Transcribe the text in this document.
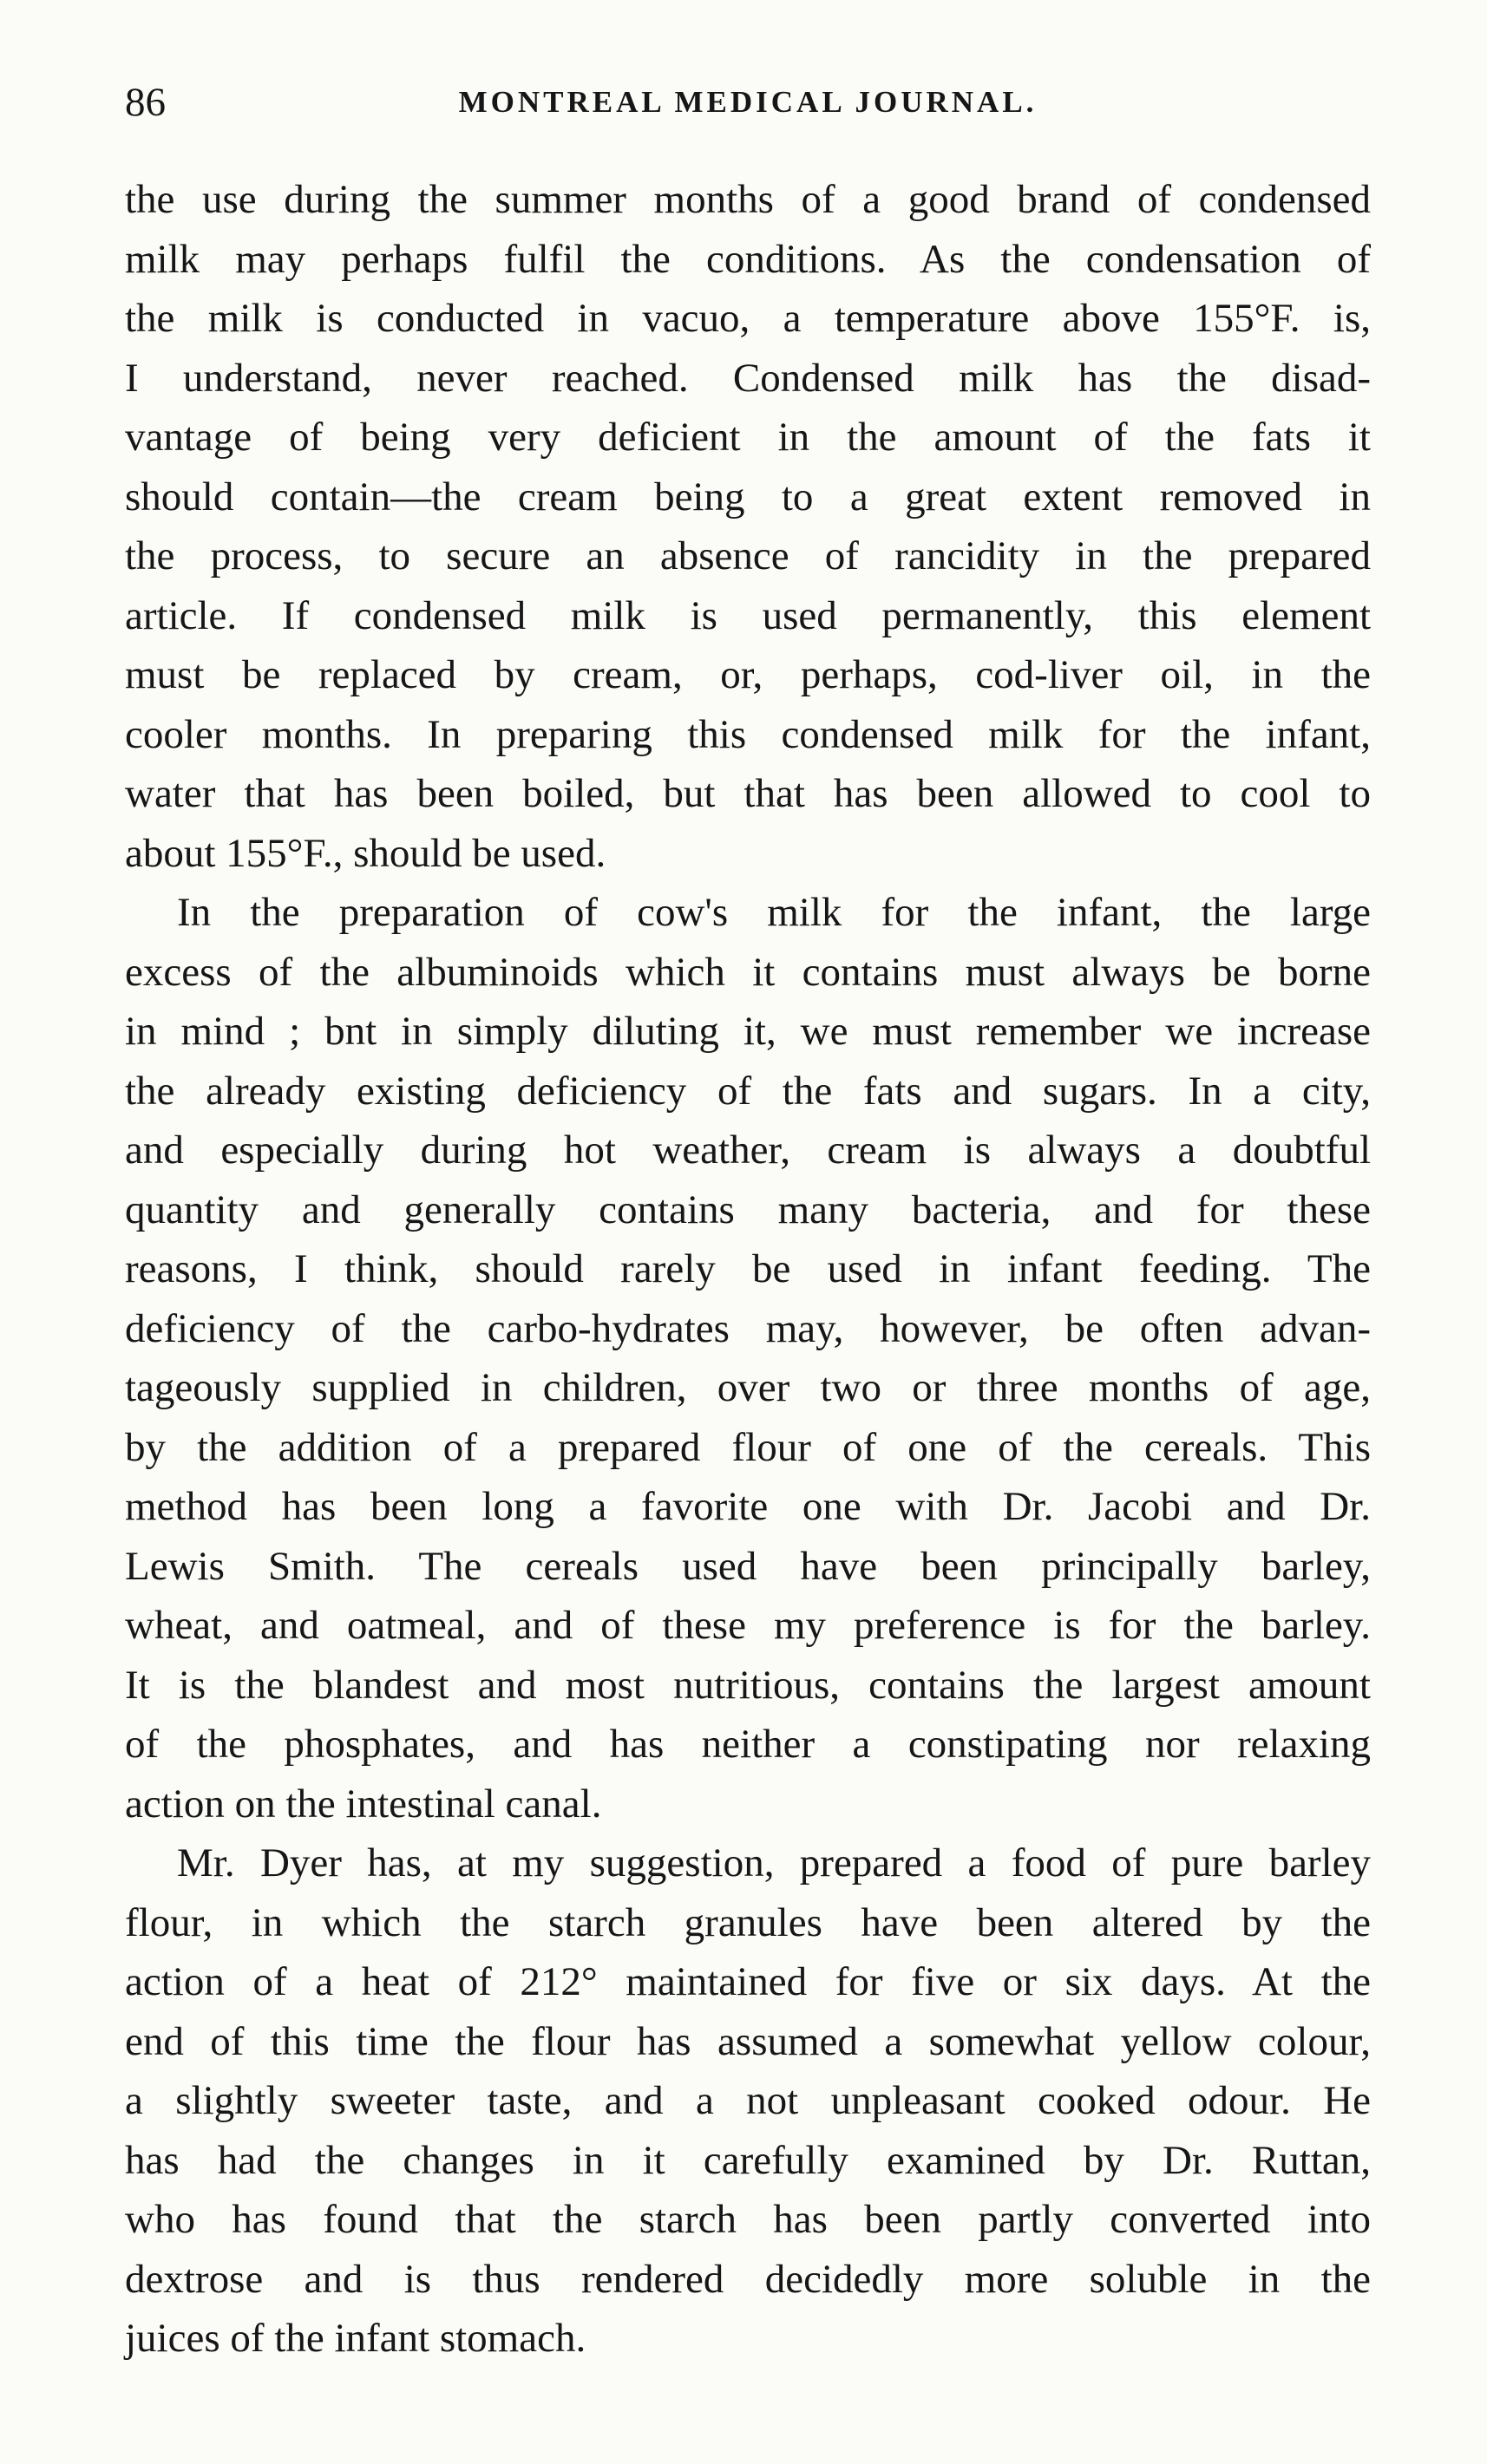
86	MONTREAL MEDICAL JOURNAL.
the use during the summer months of a good brand of condensed
milk may perhaps fulfil the conditions. As the condensation of
the milk is conducted in vacuo, a temperature above 155°F. is,
I understand, never reached. Condensed milk has the disad-
vantage of being very deficient in the amount of the fats it
should contain—the cream being to a great extent removed in
the process, to secure an absence of rancidity in the prepared
article. If condensed milk is used permanently, this element
must be replaced by cream, or, perhaps, cod-liver oil, in the
cooler months. In preparing this condensed milk for the infant,
water that has been boiled, but that has been allowed to cool to
about 155°F., should be used.
In the preparation of cow's milk for the infant, the large
excess of the albuminoids which it contains must always be borne
in mind ; bnt in simply diluting it, we must remember we increase
the already existing deficiency of the fats and sugars. In a city,
and especially during hot weather, cream is always a doubtful
quantity and generally contains many bacteria, and for these
reasons, I think, should rarely be used in infant feeding. The
deficiency of the carbo-hydrates may, however, be often advan-
tageously supplied in children, over two or three months of age,
by the addition of a prepared flour of one of the cereals. This
method has been long a favorite one with Dr. Jacobi and Dr.
Lewis Smith. The cereals used have been principally barley,
wheat, and oatmeal, and of these my preference is for the barley.
It is the blandest and most nutritious, contains the largest amount
of the phosphates, and has neither a constipating nor relaxing
action on the intestinal canal.
Mr. Dyer has, at my suggestion, prepared a food of pure barley
flour, in which the starch granules have been altered by the
action of a heat of 212° maintained for five or six days. At the
end of this time the flour has assumed a somewhat yellow colour,
a slightly sweeter taste, and a not unpleasant cooked odour. He
has had the changes in it carefully examined by Dr. Ruttan,
who has found that the starch has been partly converted into
dextrose and is thus rendered decidedly more soluble in the
juices of the infant stomach.
